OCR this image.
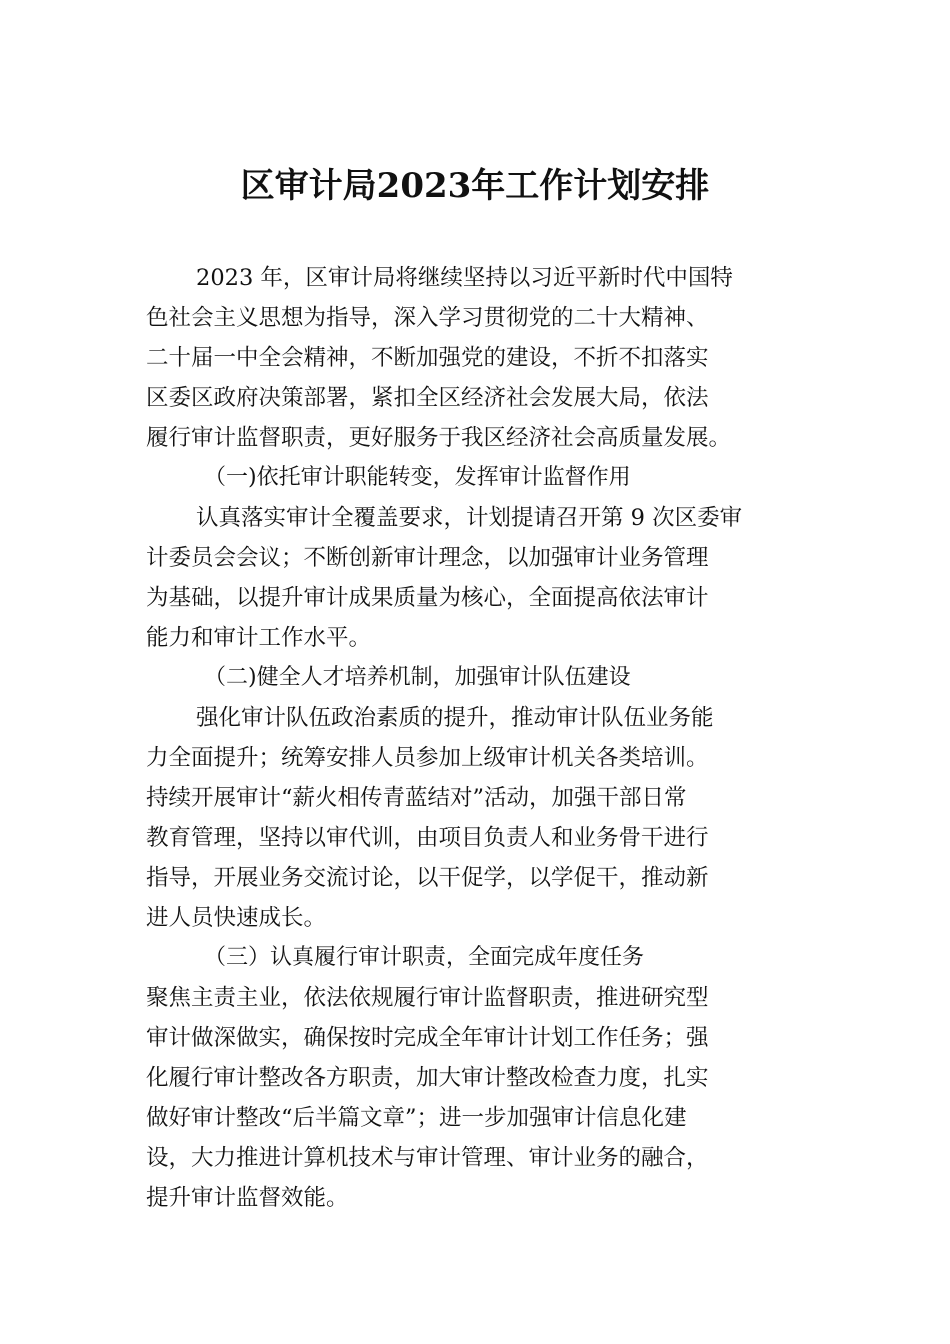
区审计局2023年工作计划安排
2023 年，区审计局将继续坚持以习近平新时代中国特
色社会主义思想为指导，深入学习贯彻党的二十大精神、
二十届一中全会精神，不断加强党的建设，不折不扣落实
区委区政府决策部署，紧扣全区经济社会发展大局，依法
履行审计监督职责，更好服务于我区经济社会高质量发展。
（一)依托审计职能转变，发挥审计监督作用
认真落实审计全覆盖要求，计划提请召开第 9 次区委审
计委员会会议；不断创新审计理念，以加强审计业务管理
为基础，以提升审计成果质量为核心，全面提高依法审计
能力和审计工作水平。
（二)健全人才培养机制，加强审计队伍建设
强化审计队伍政治素质的提升，推动审计队伍业务能
力全面提升；统筹安排人员参加上级审计机关各类培训。
持续开展审计“薪火相传青蓝结对”活动，加强干部日常
教育管理，坚持以审代训，由项目负责人和业务骨干进行
指导，开展业务交流讨论，以干促学，以学促干，推动新
进人员快速成长。
（三）认真履行审计职责，全面完成年度任务
聚焦主责主业，依法依规履行审计监督职责，推进研究型
审计做深做实，确保按时完成全年审计计划工作任务；强
化履行审计整改各方职责，加大审计整改检查力度，扎实
做好审计整改“后半篇文章”；进一步加强审计信息化建
设，大力推进计算机技术与审计管理、审计业务的融合，
提升审计监督效能。
